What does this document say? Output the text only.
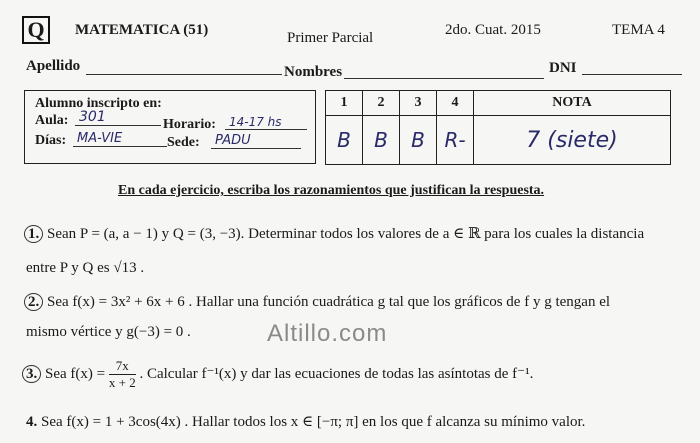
Q	MATEMATICA (51)	Primer Parcial	2do. Cuat. 2015	TEMA 4
Apellido	Nombres	DNI
Alumno inscripto en:
Aula: 301	Horario:	14-17 hs
Días: MA-VIE	Sede:	PADU
1	2	3	4	NOTA
B	B	B	R-	7 (siete)
En cada ejercicio, escriba los razonamientos que justifican la respuesta.
1. Sean P = (a, a − 1) y Q = (3, −3). Determinar todos los valores de a ∈ ℝ para los cuales la distancia
entre P y Q es √13 .
2. Sea f(x) = 3x² + 6x + 6 . Hallar una función cuadrática g tal que los gráficos de f y g tengan el
mismo vértice y g(−3) = 0 .	Altillo.com
3. Sea $f(x) = \frac{7x}{x + 2}$ . Calcular f⁻¹(x) y dar las ecuaciones de todas las asíntotas de f⁻¹.
4. Sea f(x) = 1 + 3cos(4x) . Hallar todos los x ∈ [−π; π] en los que f alcanza su mínimo valor.
